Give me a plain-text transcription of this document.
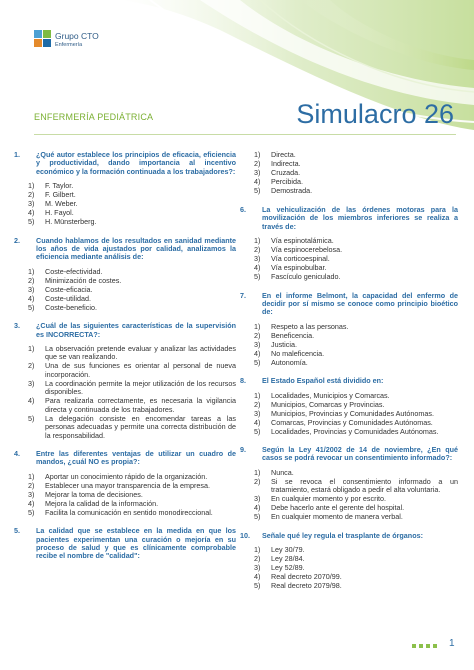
Grupo CTO
Enfermería
ENFERMERÍA PEDIÁTRICA	Simulacro 26
1.	¿Qué autor establece los principios de eficacia, eficiencia y productividad, dando importancia al incentivo económico y la formación continuada a los trabajadores?:
1)	F. Taylor.
2)	F. Gilbert.
3)	M. Weber.
4)	H. Fayol.
5)	H. Münsterberg.
2.	Cuando hablamos de los resultados en sanidad mediante los años de vida ajustados por calidad, analizamos la eficiencia mediante análisis de:
1)	Coste-efectividad.
2)	Minimización de costes.
3)	Coste-eficacia.
4)	Coste-utilidad.
5)	Coste-beneficio.
3.	¿Cuál de las siguientes características de la supervisión es INCORRECTA?:
1)	La observación pretende evaluar y analizar las actividades que se van realizando.
2)	Una de sus funciones es orientar al personal de nueva incorporación.
3)	La coordinación permite la mejor utilización de los recursos disponibles.
4)	Para realizarla correctamente, es necesaria la vigilancia directa y continuada de los trabajadores.
5)	La delegación consiste en encomendar tareas a las personas adecuadas y permite una correcta distribución de la responsabilidad.
4.	Entre las diferentes ventajas de utilizar un cuadro de mandos, ¿cuál NO es propia?:
1)	Aportar un conocimiento rápido de la organización.
2)	Establecer una mayor transparencia de la empresa.
3)	Mejorar la toma de decisiones.
4)	Mejora la calidad de la información.
5)	Facilita la comunicación en sentido monodireccional.
5.	La calidad que se establece en la medida en que los pacientes experimentan una curación o mejoría en su proceso de salud y que es clínicamente comprobable recibe el nombre de "calidad":
1)	Directa.
2)	Indirecta.
3)	Cruzada.
4)	Percibida.
5)	Demostrada.
6.	La vehiculización de las órdenes motoras para la movilización de los miembros inferiores se realiza a través de:
1)	Vía espinotalámica.
2)	Vía espinocerebelosa.
3)	Vía corticoespinal.
4)	Vía espinobulbar.
5)	Fascículo geniculado.
7.	En el informe Belmont, la capacidad del enfermo de decidir por sí mismo se conoce como principio bioético de:
1)	Respeto a las personas.
2)	Beneficencia.
3)	Justicia.
4)	No maleficencia.
5)	Autonomía.
8.	El Estado Español está dividido en:
1)	Localidades, Municipios y Comarcas.
2)	Municipios, Comarcas y Provincias.
3)	Municipios, Provincias y Comunidades Autónomas.
4)	Comarcas, Provincias y Comunidades Autónomas.
5)	Localidades, Provincias y Comunidades Autónomas.
9.	Según la Ley 41/2002 de 14 de noviembre, ¿En qué casos se podrá revocar un consentimiento informado?:
1)	Nunca.
2)	Si se revoca el consentimiento informado a un tratamiento, estará obligado a pedir el alta voluntaria.
3)	En cualquier momento y por escrito.
4)	Debe hacerlo ante el gerente del hospital.
5)	En cualquier momento de manera verbal.
10.	Señale qué ley regula el trasplante de órganos:
1)	Ley 30/79.
2)	Ley 28/84.
3)	Ley 52/89.
4)	Real decreto 2070/99.
5)	Real decreto 2079/98.
1
